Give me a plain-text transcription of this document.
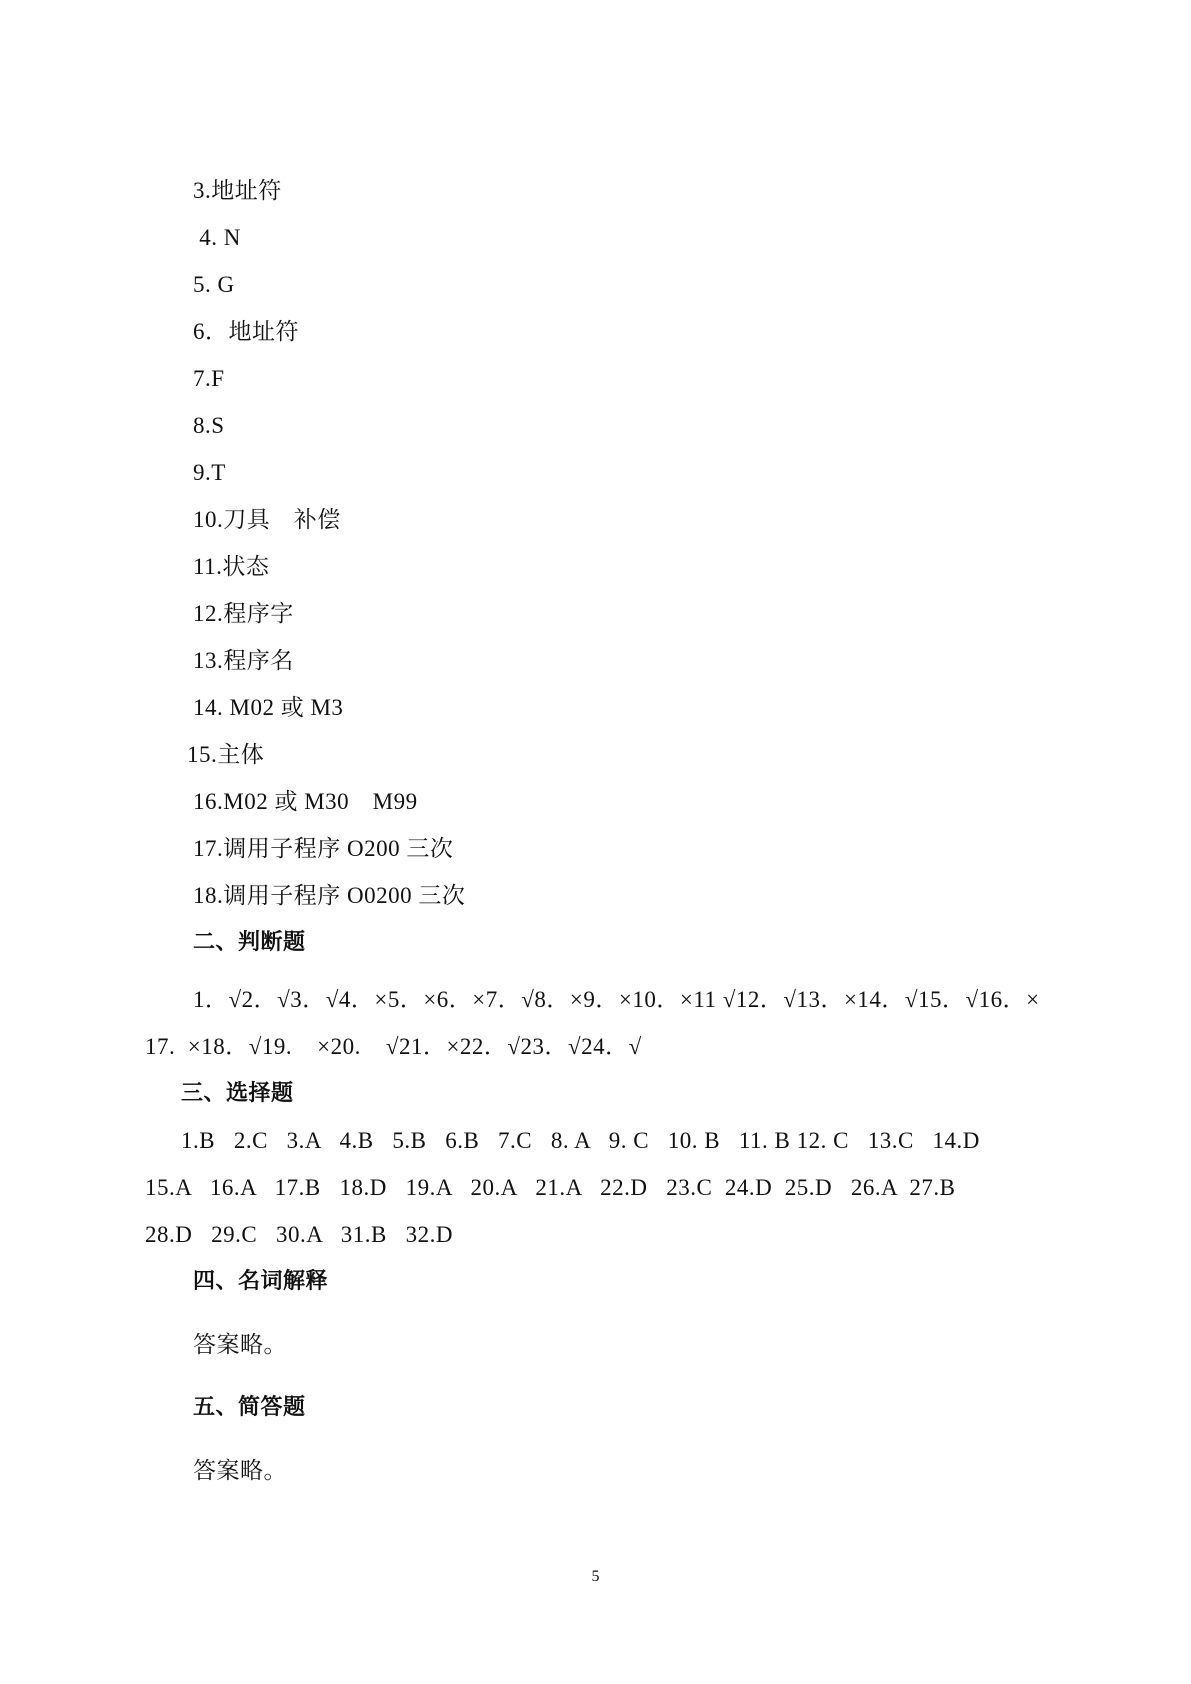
3.地址符
4. N
5. G
6．地址符
7.F
8.S
9.T
10.刀具　补偿
11.状态
12.程序字
13.程序名
14. M02 或 M3
15.主体
16.M02 或 M30　M99
17.调用子程序 O200 三次
18.调用子程序 O0200 三次
二、判断题
1．√2．√3．√4．×5．×6．×7．√8．×9．×10．×11 √12．√13．×14．√15．√16．×
17.  ×18．√19.    ×20.    √21．×22．√23．√24．√
三、选择题
1.B   2.C   3.A   4.B   5.B   6.B   7.C   8. A   9. C   10. B   11. B 12. C   13.C   14.D
15.A   16.A   17.B   18.D   19.A   20.A   21.A   22.D   23.C  24.D  25.D   26.A  27.B
28.D   29.C   30.A   31.B   32.D
四、名词解释
答案略。
五、简答题
答案略。
5
